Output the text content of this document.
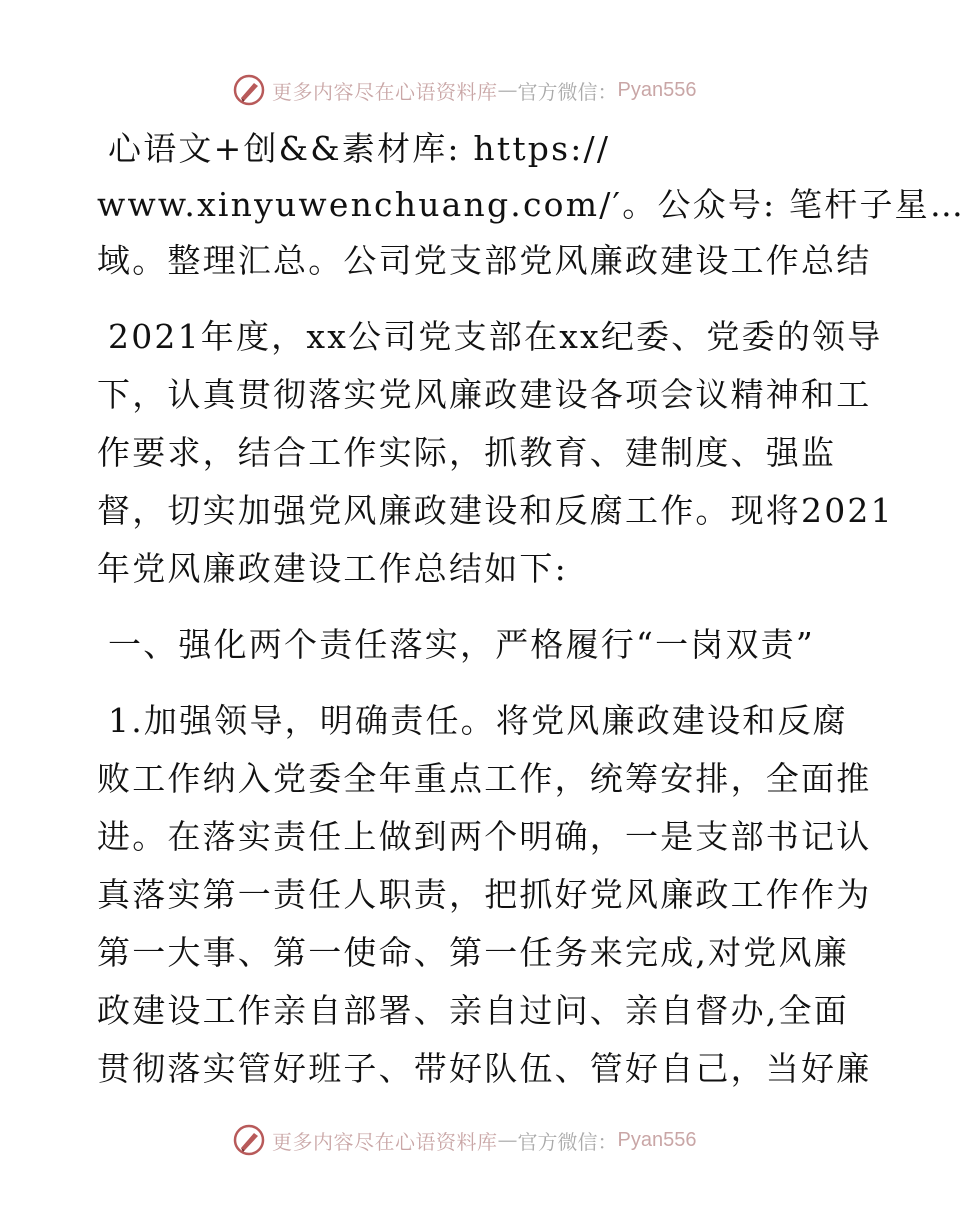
更多内容尽在心语资料库 — 官方微信： Pyan556
心语文+创&&素材库: https://
www.xinyuwenchuang.com/′。公众号: 笔杆子星…
域。整理汇总。公司党支部党风廉政建设工作总结
2021年度，xx公司党支部在xx纪委、党委的领导
下，认真贯彻落实党风廉政建设各项会议精神和工
作要求，结合工作实际，抓教育、建制度、强监
督，切实加强党风廉政建设和反腐工作。现将2021
年党风廉政建设工作总结如下:
一、强化两个责任落实，严格履行“一岗双责”
1.加强领导，明确责任。将党风廉政建设和反腐
败工作纳入党委全年重点工作，统筹安排，全面推
进。在落实责任上做到两个明确，一是支部书记认
真落实第一责任人职责，把抓好党风廉政工作作为
第一大事、第一使命、第一任务来完成,对党风廉
政建设工作亲自部署、亲自过问、亲自督办,全面
贯彻落实管好班子、带好队伍、管好自己，当好廉
更多内容尽在心语资料库 — 官方微信： Pyan556
